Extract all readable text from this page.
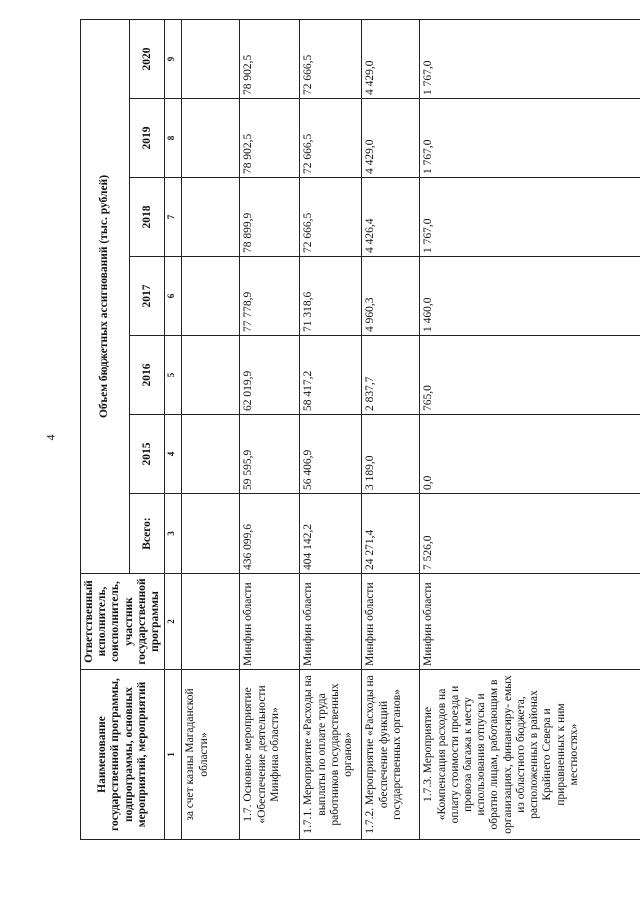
4
Наименование государственной программы, подпрограммы, основных мероприятий, мероприятий	Ответственный исполнитель, соисполнитель, участник государственной программы	Объем бюджетных ассигнований (тыс. рублей)						
		Всего:	2015	2016	2017	2018	2019	2020
1	2	3	4	5	6	7	8	9
за счет казны Магаданской области»								
1.7. Основное мероприятие «Обеспечение деятельности Минфина области»	Минфин области	436 099,6	59 595,9	62 019,9	77 778,9	78 899,9	78 902,5	78 902,5
1.7.1. Мероприятие «Расходы на выплаты по оплате труда работников государственных органов»	Минфин области	404 142,2	56 406,9	58 417,2	71 318,6	72 666,5	72 666,5	72 666,5
1.7.2. Мероприятие «Расходы на обеспечение функций государственных органов»	Минфин области	24 271,4	3 189,0	2 837,7	4 960,3	4 426,4	4 429,0	4 429,0
1.7.3. Мероприятие «Компенсация расходов на оплату стоимости проезда и провоза багажа к месту использования отпуска и обратно лицам, работающим в организациях, финансиру- емых из областного бюджета, расположенных в районах Крайнего Севера и приравненных к ним местностях»	Минфин области	7 526,0	0,0	765,0	1 460,0	1 767,0	1 767,0	1 767,0
